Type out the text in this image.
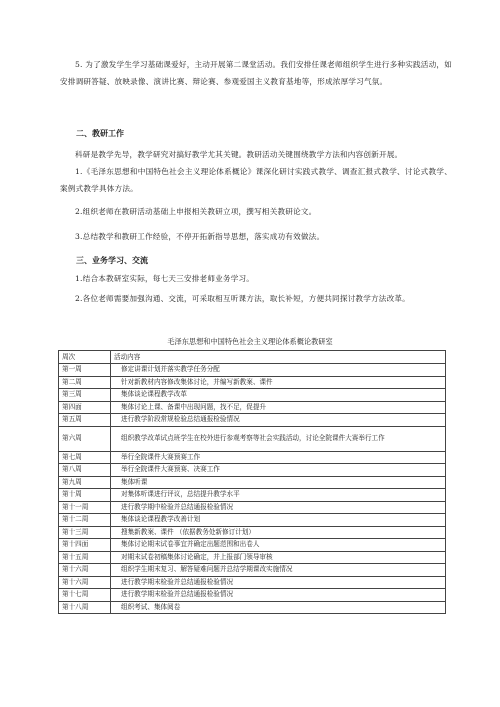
5. 为了激发学生学习基础课爱好，主动开展第二课堂活动。我们安排任课老师组织学生进行多种实践活动，如安排调研答疑、放映录像、演讲比赛、辩论赛、参观爱国主义教育基地等，形成浓厚学习气氛。

二、教研工作

科研是教学先导，教学研究对搞好教学尤其关键。教研活动关键围绕教学方法和内容创新开展。

1.《毛泽东思想和中国特色社会主义理论体系概论》课深化研讨实践式教学、调查汇报式教学、讨论式教学、案例式教学具体方法。

2.组织老师在教研活动基础上申报相关教研立项，撰写相关教研论文。

3.总结教学和教研工作经验，不停开拓新指导思想，落实成功有效做法。

三、业务学习、交流

1.结合本教研室实际，每七天三安排老师业务学习。

2.各位老师需要加强沟通、交流，可采取相互听课方法，取长补短，方便共同探讨教学方法改革。

毛泽东思想和中国特色社会主义理论体系概论教研室

周次	活动内容
第一周	修定讲课计划并落实教学任务分配
第二周	针对新教材内容修改集体讨论，并编写新教案、课件
第三周	集体谈论课程教学改革
第四面	集体讨论上课、备课中出现问题，找不足，促提升
第五周	进行教学阶段常规检验总结通报检验情况
第六周	组织教学改革试点班学生在校外进行参观考察等社会实践活动，讨论全院课件大赛举行工作
第七周	举行全院课件大赛预赛工作
第八周	举行全院课件大赛预赛、决赛工作
第九周	集体听课
第十周	对集体听课进行评议，总结提升教学水平
第十一周	进行教学期中检验并总结通报检验情况
第十二周	集体谈论课程教学改善计划
第十三周	搜集新教案、课件 （依据教务处新修订计划）
第十四面	集体讨论期末试卷事宜并确定出题范围和出卷人
第十五周	对期末试卷初稿集体讨论确定，并上报部门领导审核
第十六周	组织学生期末复习、解答疑难问题并总结学期课改实施情况
第十六周	进行教学期末检验并总结通报检验情况
第十七周	进行教学期末检验并总结通报检验情况
第十八周	组织考试、集体阅卷
